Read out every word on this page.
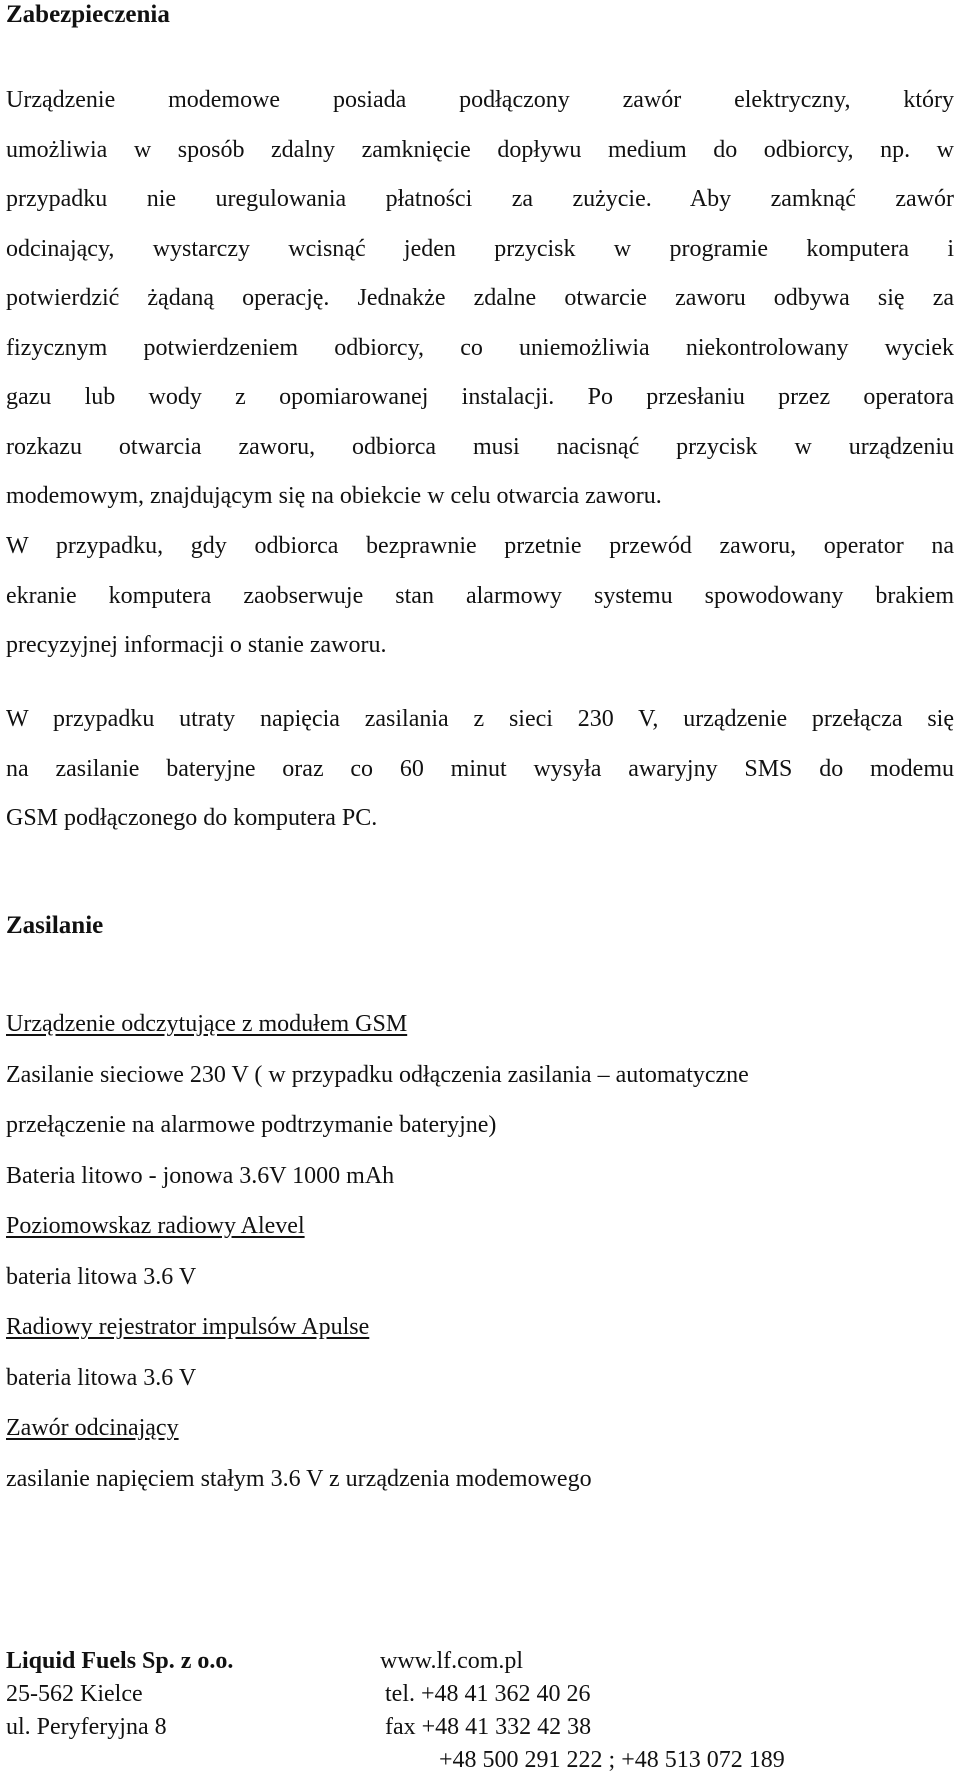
Zabezpieczenia

Urządzenie modemowe posiada podłączony zawór elektryczny, który
umożliwia w sposób zdalny zamknięcie dopływu medium do odbiorcy, np. w
przypadku nie uregulowania płatności za zużycie. Aby zamknąć zawór
odcinający, wystarczy wcisnąć jeden przycisk w programie komputera i
potwierdzić żądaną operację. Jednakże zdalne otwarcie zaworu odbywa się za
fizycznym potwierdzeniem odbiorcy, co uniemożliwia niekontrolowany wyciek
gazu lub wody z opomiarowanej instalacji. Po przesłaniu przez operatora
rozkazu otwarcia zaworu, odbiorca musi nacisnąć przycisk w urządzeniu
modemowym, znajdującym się na obiekcie w celu otwarcia zaworu.

W przypadku, gdy odbiorca bezprawnie przetnie przewód zaworu, operator na
ekranie komputera zaobserwuje stan alarmowy systemu spowodowany brakiem
precyzyjnej informacji o stanie zaworu.

W przypadku utraty napięcia zasilania z sieci 230 V, urządzenie przełącza się
na zasilanie bateryjne oraz co 60 minut wysyła awaryjny SMS do modemu
GSM podłączonego do komputera PC.

Zasilanie
Urządzenie odczytujące z modułem GSM
Zasilanie sieciowe 230 V ( w przypadku odłączenia zasilania – automatyczne
przełączenie na alarmowe podtrzymanie bateryjne)
Bateria litowo - jonowa 3.6V 1000 mAh
Poziomowskaz radiowy Alevel
bateria litowa 3.6 V
Radiowy rejestrator impulsów Apulse
bateria litowa 3.6 V
Zawór odcinający
zasilanie napięciem stałym 3.6 V z urządzenia modemowego
Liquid Fuels Sp. z o.o.	www.lf.com.pl
25-562 Kielce	tel. +48 41 362 40 26
ul. Peryferyjna 8	fax +48 41 332 42 38
+48 500 291 222 ; +48 513 072 189
